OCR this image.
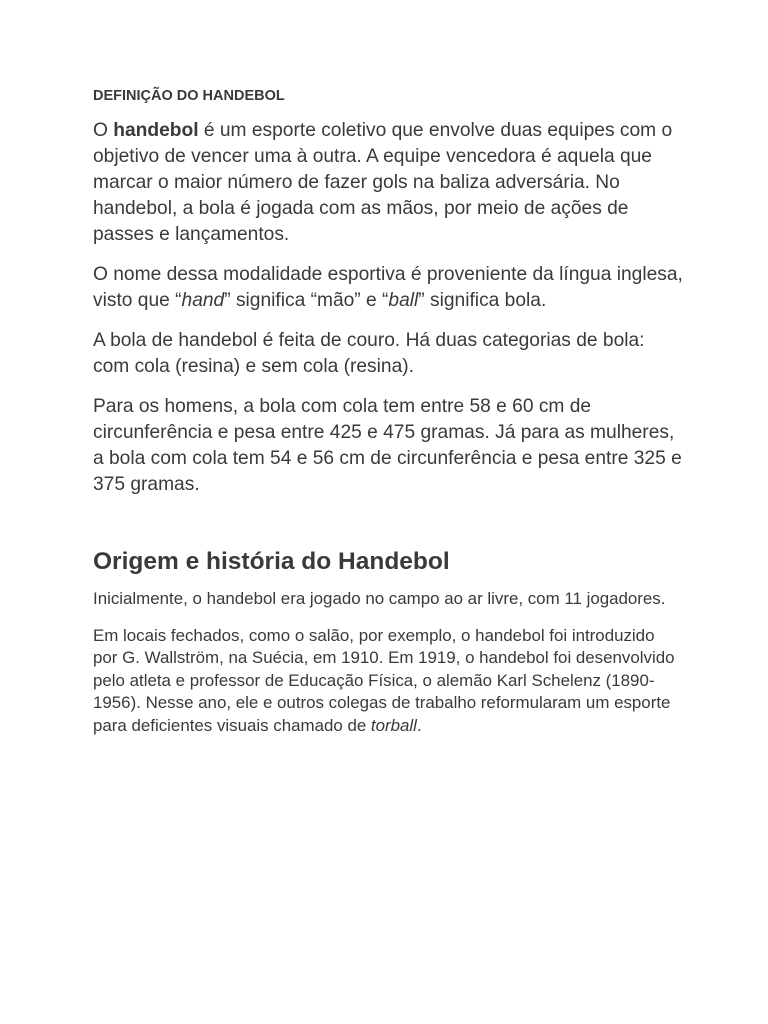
DEFINIÇÃO DO HANDEBOL

O handebol é um esporte coletivo que envolve duas equipes com o objetivo de vencer uma à outra. A equipe vencedora é aquela que marcar o maior número de fazer gols na baliza adversária. No handebol, a bola é jogada com as mãos, por meio de ações de passes e lançamentos.

O nome dessa modalidade esportiva é proveniente da língua inglesa, visto que “hand” significa “mão” e “ball” significa bola.

A bola de handebol é feita de couro. Há duas categorias de bola: com cola (resina) e sem cola (resina).

Para os homens, a bola com cola tem entre 58 e 60 cm de circunferência e pesa entre 425 e 475 gramas. Já para as mulheres, a bola com cola tem 54 e 56 cm de circunferência e pesa entre 325 e 375 gramas.

Origem e história do Handebol

Inicialmente, o handebol era jogado no campo ao ar livre, com 11 jogadores.

Em locais fechados, como o salão, por exemplo, o handebol foi introduzido por G. Wallström, na Suécia, em 1910. Em 1919, o handebol foi desenvolvido pelo atleta e professor de Educação Física, o alemão Karl Schelenz (1890-1956). Nesse ano, ele e outros colegas de trabalho reformularam um esporte para deficientes visuais chamado de torball.
